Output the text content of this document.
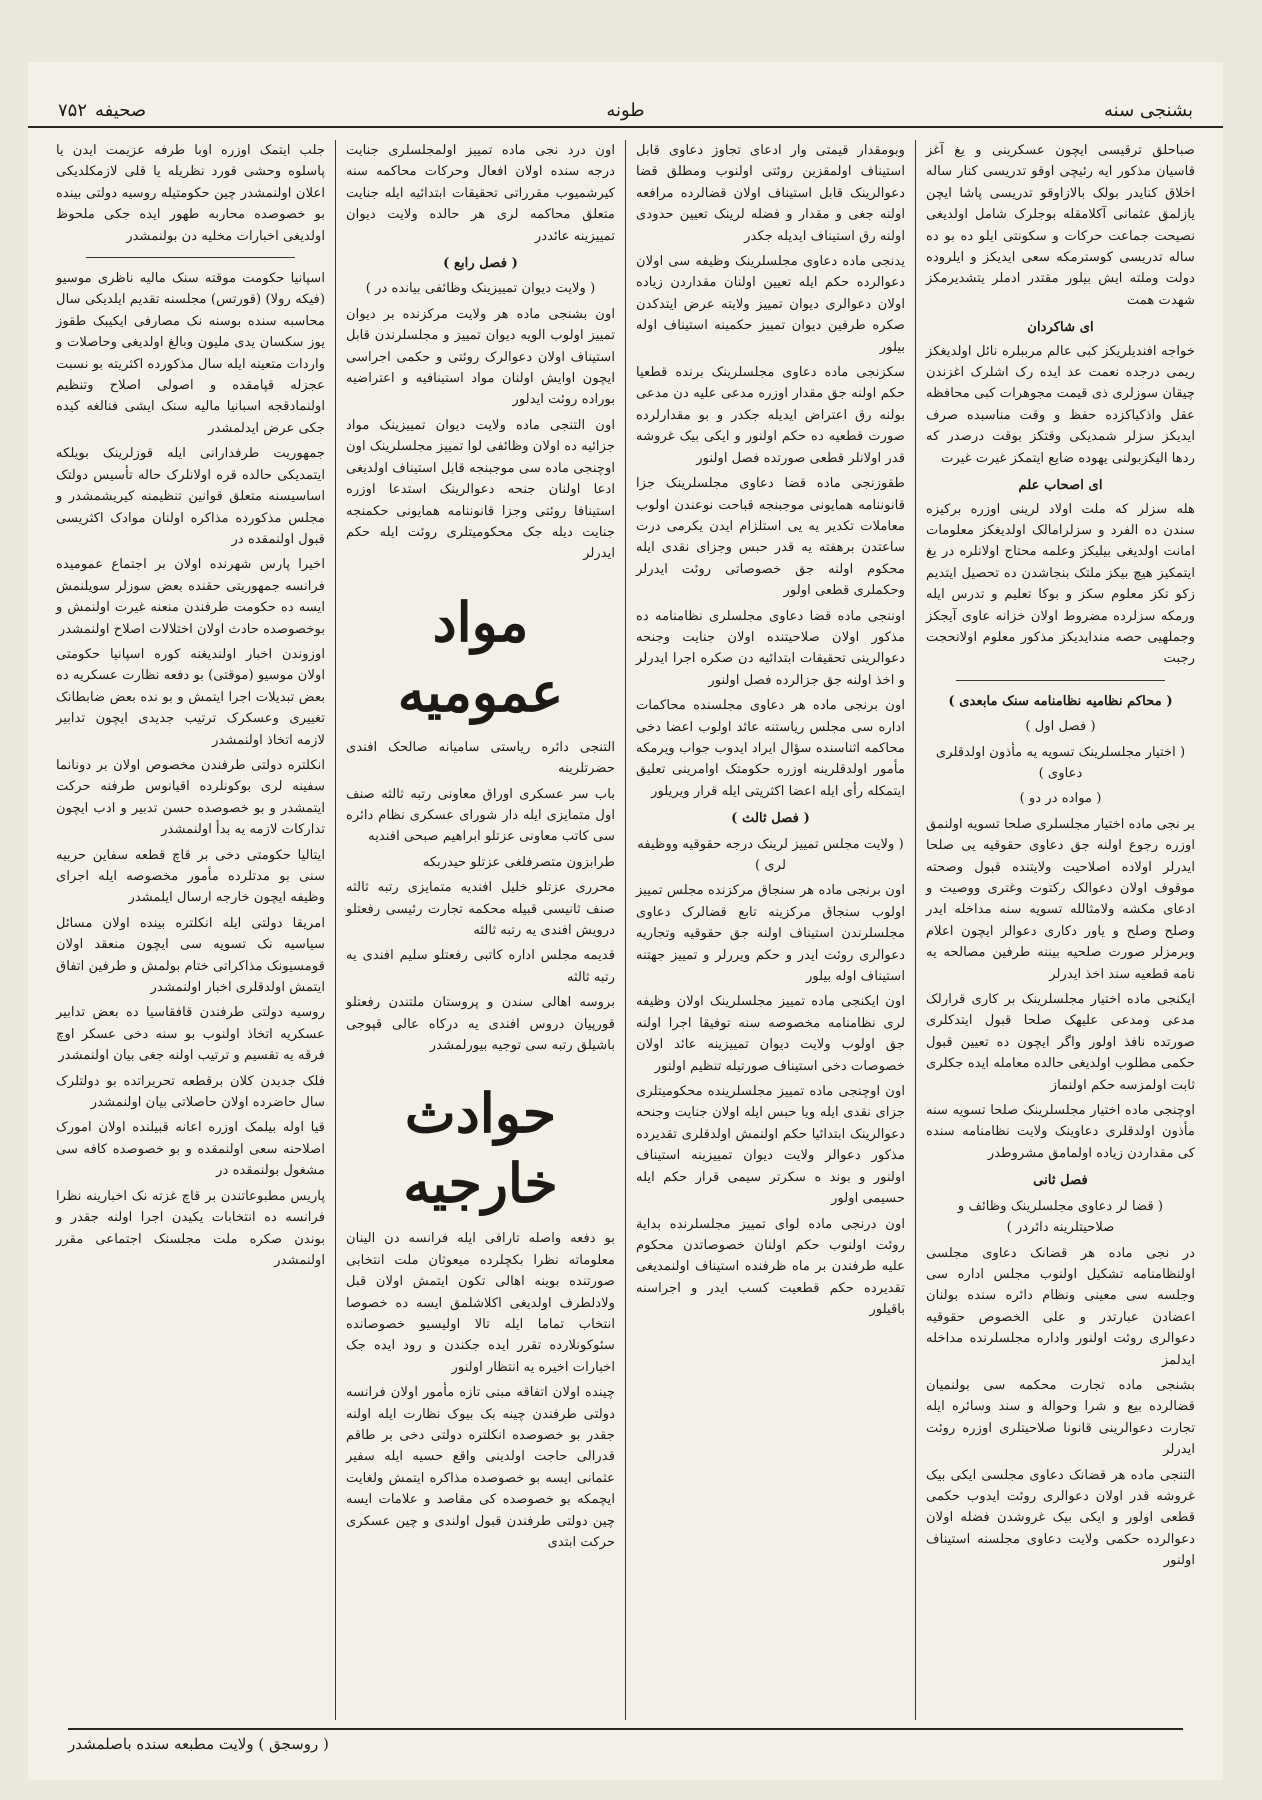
بشنجی سنه
طونه
صحیفه
۷۵۲

صباحلق ترقیسی ایچون عسکرینی و یغ آغز قاسیان مذکور ایه رئیچی اوقو تدریسی کنار ساله اخلاق کنایدر بولک بالازاوقو تدریسی پاشا ایچن یازلمق عثمانی آکلامقله بوجلرک شامل اولدیغی نصیحت جماعت حرکات و سکونتی ایلو ده بو ده ساله تدریسی کوسترمکه سعی ایدیکز و ایلروده دولت وملته ایش بیلور مقتدر ادملر یتشدیرمکز شهدت همت

ای شاکردان

خواجه افندیلریکز کبی عالم مرببلره نائل اولدیغکز ریمی درجده نعمت عد ایده رک اشلرک اغزندن چیقان سوزلری ذی قیمت مجوهرات کبی محافظه عقل واذکیاکزده حفظ و وقت مناسبده صرف ایدیکز سزلر شمدیکی وقتکز بوقت درصدر که ردها الیکزبولنی یهوده ضایع ایتمکز غیرت غیرت

ای اصحاب علم

هله سزلر که ملت اولاد لرینی اوزره برکیزه سندن ده الفرد و سزلرامالک اولدیغکز معلومات امانت اولدیغی بیلیکز وعلمه محتاج اولانلره در یغ ایتمکیز هیچ بیکز ملتک بنجاشدن ده تحصیل ایتدیم زکو تکز معلوم سکز و بوکا تعلیم و تدرس ایله ورمکه سزلرده مضروط اولان خزانه عاوی آیجکز وجملهیی حصه مندایدیکز مذکور معلوم اولانحجت رجبت

( محاکم نظامیه نظامنامه سنک مابعدی )
( فصل اول )
( اختیار مجلسلرینک تسویه یه مأذون اولدقلری دعاوی )
( مواده در دو )

بر نجی ماده اختیار مجلسلری صلحا تسویه اولنمق اوزره رجوع اولنه جق دعاوی حقوقیه یی صلحا ایدرلر اولاده اصلاحیت ولایتنده قبول وصحته موقوف اولان دعوالک ركتوت وغتری ووصیت و ادعای مکشه ولامثالله تسویه سنه مداخله ایدر وصلح وصلح و یاور دکاری دعوالر ایچون اعلام ویرمزلر صورت صلحیه بیننه طرفین مصالحه یه نامه قطعیه سند اخذ ایدرلر

ایکنجی ماده اختیار مجلسلرینک بر کاری قرارلک مدعی ومدعی علیهک صلحا قبول ایتدکلری صورتده نافذ اولور واگر ایچون ده تعیین قبول حکمی مطلوب اولدیغی حالده معامله ایده جکلری ثابت اولمزسه حکم اولنماز

اوچنجی ماده اختیار مجلسلرینک صلحا تسویه سنه مأذون اولدقلری دعاوینک ولایت نظامنامه سنده کی مقداردن زیاده اولمامق مشروطدر

فصل ثانی
( قضا لر دعاوی مجلسلرینک وظائف و صلاحیتلرینه دائردر )

در نجی ماده هر قضانک دعاوی مجلسی اولنظامنامه تشکیل اولنوب مجلس اداره سی وجلسه سی معینی ونظام دائره سنده بولنان اعضادن عبارتدر و علی الخصوص حقوقیه دعوالری روئت اولنور واداره مجلسلرنده مداخله ایدلمز

بشنجی ماده تجارت محکمه سی بولنمیان قضالرده بیع و شرا وحواله و سند وسائره ایله تجارت دعوالرینی قانونا صلاحیتلری اوزره روئت ایدرلر

التنجی ماده هر قضانک دعاوی مجلسی ایکی بیک غروشه قدر اولان دعوالری روئت ایدوب حکمی قطعی اولور و ایکی بیک غروشدن فضله اولان دعوالرده حکمی ولایت دعاوی مجلسنه استیناف اولنور

وبومقدار قیمتی وار ادعای تجاوز دعاوی قابل استیناف اولمقزین روئتی اولنوب ومطلق قضا دعوالرینک قابل استیناف اولان قضالرده مرافعه اولنه جغی و مقدار و فضله لرینک تعیین حدودی اولنه رق استیناف ایدیله جکدر

یدنجی ماده دعاوی مجلسلرینک وظیفه سی اولان دعوالرده حکم ایله تعیین اولنان مقداردن زیاده اولان دعوالری دیوان تمییز ولایته عرض ایتدکدن صکره طرفین دیوان تمییز حکمینه استیناف اوله بیلور

سکزنجی ماده دعاوی مجلسلرینک برنده قطعیا حکم اولنه جق مقدار اوزره مدعی علیه دن مدعی بولنه رق اعتراض ایدیله جکدر و بو مقدارلرده صورت قطعیه ده حکم اولنور و ایکی بیک غروشه قدر اولانلر قطعی صورتده فصل اولنور

طقوزنجی ماده قضا دعاوی مجلسلرینک جزا قانوننامه همایونی موجبنجه قباحت نوعندن اولوب معاملات تکدیر یه یی استلزام ایدن یکرمی درت ساعتدن برهفته یه قدر حبس وجزای نقدی ایله محکوم اولنه جق خصوصاتی روئت ایدرلر وحکملری قطعی اولور

اوننجی ماده قضا دعاوی مجلسلری نظامنامه ده مذکور اولان صلاحیتنده اولان جنایت وجنحه دعوالرینی تحقیقات ابتدائیه دن صکره اجرا ایدرلر و اخذ اولنه جق جزالرده فصل اولنور

اون برنجی ماده هر دعاوی مجلسنده محاکمات اداره سی مجلس ریاستنه عائد اولوب اعضا دخی محاکمه اثناسنده سؤال ایراد ایدوب جواب ویرمکه مأمور اولدقلرینه اوزره حکومتک اوامرینی تعلیق ایتمکله رأی ایله اعضا اکثریتی ایله قرار ویریلور

( فصل ثالث )
( ولایت مجلس تمییز لرینک درجه حقوقیه ووظیفه لری )

اون برنجی ماده هر سنجاق مرکزنده مجلس تمییز اولوب سنجاق مرکزینه تابع قضالرک دعاوی مجلسلرندن استیناف اولنه جق حقوقیه وتجاریه دعوالری روئت ایدر و حکم ویررلر و تمییز جهتنه استیناف اوله بیلور

اون ایکنجی ماده تمییز مجلسلرینک اولان وظیفه لری نظامنامه مخصوصه سنه توفیقا اجرا اولنه جق اولوب ولایت دیوان تمییزینه عائد اولان خصوصات دخی استیناف صورتیله تنظیم اولنور

اون اوچنجی ماده تمییز مجلسلرینده محکومیتلری جزای نقدی ایله ویا حبس ایله اولان جنایت وجنحه دعوالرینک ابتدائیا حکم اولنمش اولدقلری تقدیرده مذکور دعوالر ولایت دیوان تمییزینه استیناف اولنور و بوند ه سکرتر سیمی قرار حکم ایله حسیمی اولور

اون درنجی ماده لوای تمییز مجلسلرنده بدایة روئت اولنوب حکم اولنان خصوصاتدن محکوم علیه طرفندن بر ماه ظرفنده استیناف اولنمدیغی تقدیرده حکم قطعیت کسب ایدر و اجراسنه باقیلور

اون درد نجی ماده تمییز اولمجلسلری جنایت درجه سنده اولان افعال وحرکات محاکمه سنه کیرشمیوب مقرراتی تحقیقات ابتدائیه ایله جنایت متعلق محاکمه لری هر حالده ولایت دیوان تمییزینه عائددر

( فصل رابع )
( ولایت دیوان تمییزینک وظائفی بیانده در )

اون بشنجی ماده هر ولایت مرکزنده بر دیوان تمییز اولوب الویه دیوان تمییز و مجلسلرندن قابل استیناف اولان دعوالرک روئتی و حکمی اجراسی ایچون اوایش اولنان مواد استینافیه و اعتراضیه بوراده روئت ایدلور

اون التنجی ماده ولایت دیوان تمییزینک مواد جزائیه ده اولان وظائفی لوا تمییز مجلسلرینک اون اوچنجی ماده سی موجبنجه قابل استیناف اولدیغی ادعا اولنان جنحه دعوالرینک استدعا اوزره استینافا روئتی وجزا قانوننامه همایونی حکمنجه جنایت دیله جک محکومیتلری روئت ایله حکم ایدرلر

مواد عموميه

التنجی دائره ریاستی سامیانه صالحک افندی حضرتلرینه

باب سر عسکری اوراق معاونی رتبه ثالثه صنف اول متمایزی ایله دار شورای عسکری نظام دائره سی کاتب معاونی عزتلو ابراهیم صبحی افندیه

طرابزون متصرفلغی عزتلو حیدربکه

محرری عزتلو خلیل افندیه متمایزی رتبه ثالثه صنف ثانیسی قبیله محکمه تجارت رئیسی رفعتلو درویش افندی یه رتبه ثالثه

قدیمه مجلس اداره کاتبی رفعتلو سلیم افندی یه رتبه ثالثه

بروسه اهالی سندن و پروستان ملتندن رفعتلو قورپیان دروس افندی یه درکاه عالی قپوجی باشیلق رتبه سی توجیه بیورلمشدر

حوادث خارجيه

بو دفعه واصله تارافی ایله فرانسه دن الینان معلوماته نظرا بکچلرده میعوثان ملت انتخابی صورتنده بوینه اهالی تکون ایتمش اولان قبل ولادلطرف اولدیغی اکلاشلمق ایسه ده خصوصا انتخاب تماما ایله تالا اولیسیو خصوصانده سئوکونلارده تقرر ایده جکندن و رود ایده جک اخبارات اخیره یه انتظار اولنور

چینده اولان اتفاقه مبنی تازه مأمور اولان فرانسه دولتی طرفندن چینه بک بیوک نظارت ایله اولنه جقدر بو خصوصده انکلتره دولتی دخی بر طاقم قدرالی حاجت اولدینی واقع حسیه ایله سفیر عثمانی ایسه بو خصوصده مذاکره ایتمش ولغایت ایچمکه بو خصوصده کی مقاصد و علامات ایسه چین دولتی طرفندن قبول اولندی و چین عسکری حرکت ابتدی

جلب ایتمک اوزره اوبا طرفه عزیمت ایدن یا پاسلوه وحشی قورد نظریله یا قلی لازمکلدیکی اعلان اولنمشدر چین حکومتیله روسیه دولتی بینده بو خصوصده محاربه طهور ایده جکی ملحوظ اولدیغی اخبارات مخلیه دن بولنمشدر

اسپانیا حکومت موقته سنک مالیه ناظری موسیو (فیکه رولا) (قورتس) مجلسنه تقدیم ایلدیکی سال محاسبه سنده بوسنه نک مصارفی ایکیبک طقوز یوز سکسان یدی ملیون وبالغ اولدیغی وحاصلات و واردات متعینه ایله سال مذکورده اکثریته بو نسبت عجزله قپامقده و اصولی اصلاح وتنظیم اولنمادقجه اسبانیا مالیه سنک ایشی فنالغه کیده جکی عرض ایدلمشدر

جمهوریت طرفدارانی ایله قوزلرینک بویلکه ایتمدیکی حالده قره اولانلرک حاله تأسیس دولتک اساسیسنه متعلق قوانین تنظیمنه کیریشمشدر و مجلس مذکورده مذاکره اولنان موادک اکثریسی قبول اولنمقده در

اخیرا پارس شهرنده اولان بر اجتماع عمومیده فرانسه جمهوریتی حقنده بعض سوزلر سویلنمش ایسه ده حکومت طرفندن منعنه غیرت اولنمش و بوخصوصده حادث اولان اختلالات اصلاح اولنمشدر

اوزوندن اخبار اولندیغنه کوره اسپانیا حکومتی اولان موسیو (موقتی) بو دفعه نظارت عسکریه ده بعض تبدیلات اجرا ایتمش و بو نده بعض ضابطانک تغییری وعسکرک ترتیب جدیدی ایچون تدابیر لازمه اتخاذ اولنمشدر

انکلتره دولتی طرفندن مخصوص اولان بر دونانما سفینه لری بوکونلرده اقیانوس طرفنه حرکت ایتمشدر و بو خصوصده حسن تدبیر و ادب ایچون تدارکات لازمه یه بدأ اولنمشدر

ایتالیا حکومتی دخی بر قاچ قطعه سفاین حربیه سنی بو مدتلرده مأمور مخصوصه ایله اجرای وظیفه ایچون خارجه ارسال ایلمشدر

امریقا دولتی ایله انکلتره بینده اولان مسائل سیاسیه نک تسویه سی ایچون منعقد اولان قومسیونک مذاکراتی ختام بولمش و طرفین اتفاق ایتمش اولدقلری اخبار اولنمشدر

روسیه دولتی طرفندن قافقاسیا ده بعض تدابیر عسکریه اتخاذ اولنوب بو سنه دخی عسکر اوچ فرقه یه تقسیم و ترتیب اولنه جغی بیان اولنمشدر

فلک جدیدن کلان برقطعه تحریراتده بو دولتلرک سال حاضرده اولان حاصلاتی بیان اولنمشدر

قیا اوله بیلمک اوزره اعانه قبیلنده اولان امورک اصلاحنه سعی اولنمقده و بو خصوصده کافه سی مشغول بولنمقده در

پاریس مطبوعاتندن بر قاچ غزته نک اخبارینه نظرا فرانسه ده انتخابات یکیدن اجرا اولنه جقدر و بوندن صکره ملت مجلسنک اجتماعی مقرر اولنمشدر

( روسجق ) ولایت مطبعه سنده باصلمشدر
